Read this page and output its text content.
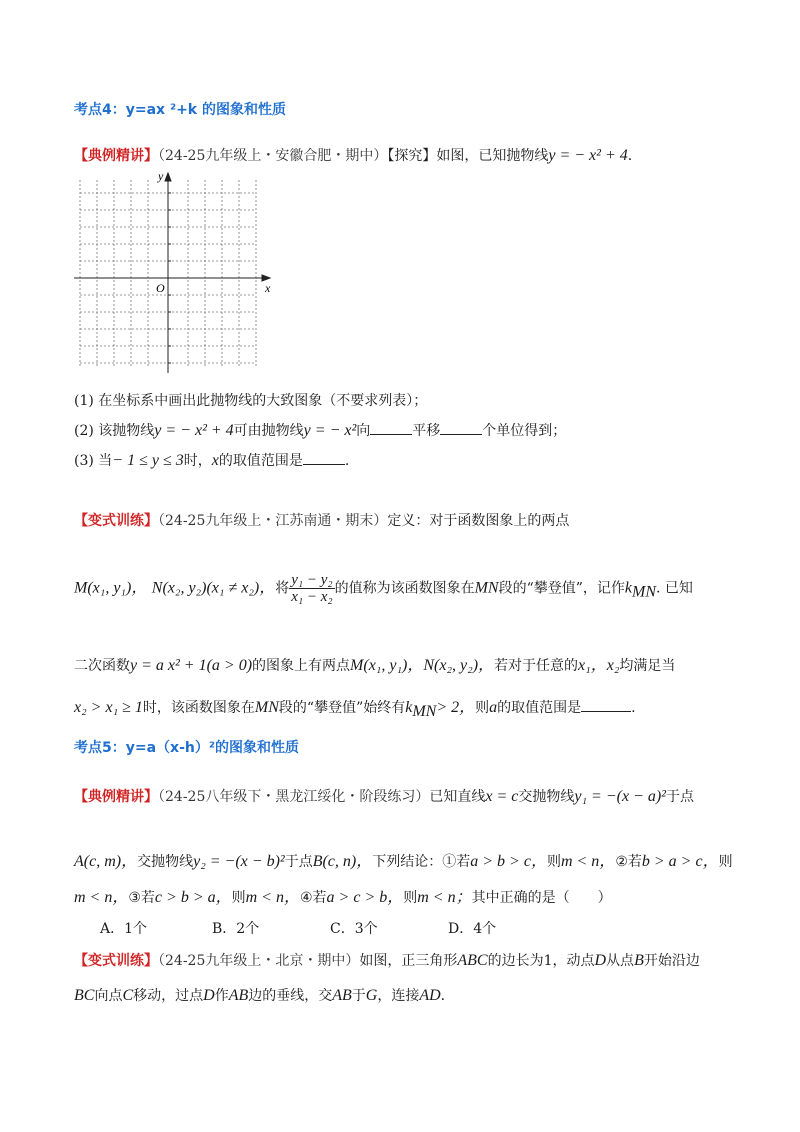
考点4：y=ax ²+k 的图象和性质
【典例精讲】（24-25九年级上・安徽合肥・期中）【探究】如图，已知抛物线y = − x² + 4.
y
x
O
(1) 在坐标系中画出此抛物线的大致图象（不要求列表）；
(2) 该抛物线y = − x² + 4可由抛物线y = − x²向	平移	个单位得到；
(3) 当− 1 ≤ y ≤ 3时，x的取值范围是	.
【变式训练】（24-25九年级上・江苏南通・期末）定义：对于函数图象上的两点
M(x₁, y₁)， N(x₂, y₂)(x₁ ≠ x₂)，将 $\frac{\text{y₁ − y₂}}{\text{x₁ − x₂}}$ 的值称为该函数图象在MN段的“攀登值”，记作$k_{MN}$. 已知
二次函数y = a x² + 1(a > 0)的图象上有两点M(x₁, y₁)，N(x₂, y₂)，若对于任意的x₁，x₂均满足当
x₂ > x₁ ≥ 1时，该函数图象在MN段的“攀登值”始终有$k_{MN}> 2$，则a的取值范围是	.
考点5：y=a（x-h）²的图象和性质
【典例精讲】（24-25八年级下・黑龙江绥化・阶段练习）已知直线x = c交抛物线y₁ = −(x − a)²于点
A(c, m)，交抛物线y₂ = −(x − b)²于点B(c, n)，下列结论：①若a > b > c，则m < n，②若b > a > c，则
m < n，③若c > b > a，则m < n，④若a > c > b，则m < n；其中正确的是（　　）
A．1个	B．2个	C．3个	D．4个
【变式训练】（24-25九年级上・北京・期中）如图，正三角形ABC的边长为1，动点D从点B开始沿边
BC向点C移动，过点D作AB边的垂线，交AB于G，连接AD.
